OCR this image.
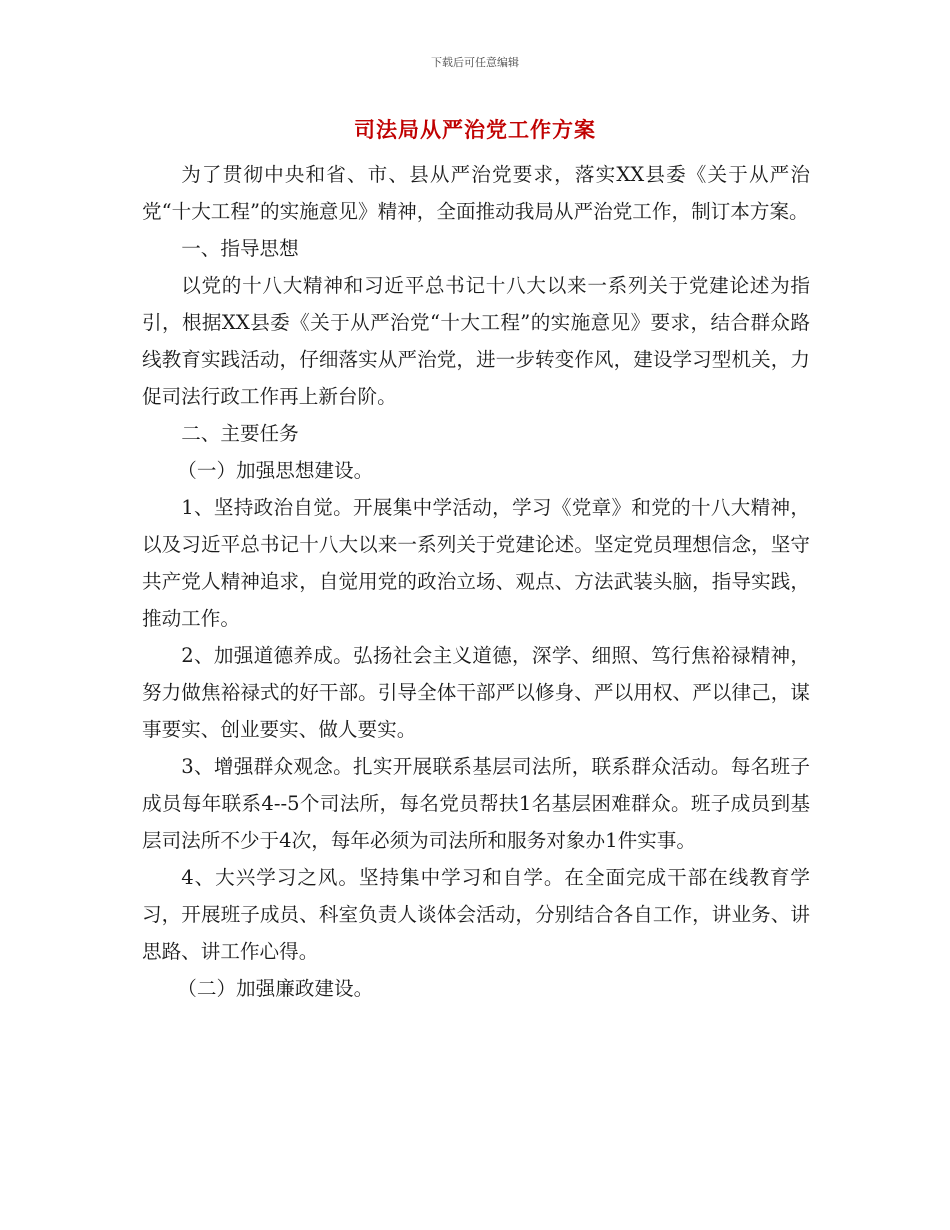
下载后可任意编辑
司法局从严治党工作方案

为了贯彻中央和省、市、县从严治党要求，落实XX县委《关于从严治党“十大工程”的实施意见》精神，全面推动我局从严治党工作，制订本方案。

一、指导思想

以党的十八大精神和习近平总书记十八大以来一系列关于党建论述为指引，根据XX县委《关于从严治党“十大工程”的实施意见》要求，结合群众路线教育实践活动，仔细落实从严治党，进一步转变作风，建设学习型机关，力促司法行政工作再上新台阶。

二、主要任务

（一）加强思想建设。

1、坚持政治自觉。开展集中学活动，学习《党章》和党的十八大精神，以及习近平总书记十八大以来一系列关于党建论述。坚定党员理想信念，坚守共产党人精神追求，自觉用党的政治立场、观点、方法武装头脑，指导实践，推动工作。

2、加强道德养成。弘扬社会主义道德，深学、细照、笃行焦裕禄精神，努力做焦裕禄式的好干部。引导全体干部严以修身、严以用权、严以律己，谋事要实、创业要实、做人要实。

3、增强群众观念。扎实开展联系基层司法所，联系群众活动。每名班子成员每年联系4--5个司法所，每名党员帮扶1名基层困难群众。班子成员到基层司法所不少于4次，每年必须为司法所和服务对象办1件实事。

4、大兴学习之风。坚持集中学习和自学。在全面完成干部在线教育学习，开展班子成员、科室负责人谈体会活动，分别结合各自工作，讲业务、讲思路、讲工作心得。

（二）加强廉政建设。
